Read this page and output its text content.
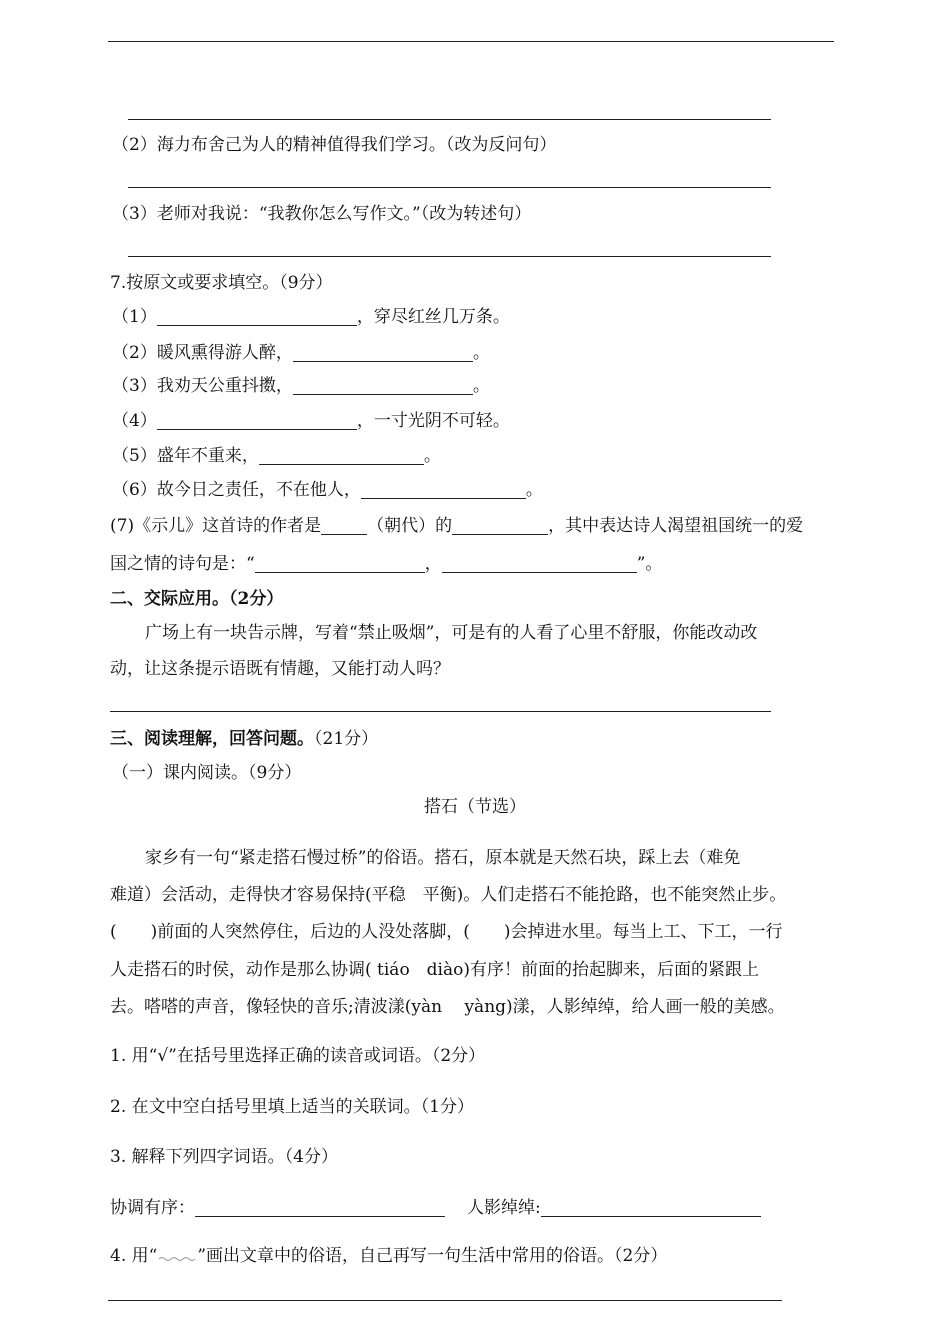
（2）海力布舍己为人的精神值得我们学习。（改为反问句）
（3）老师对我说：“我教你怎么写作文。”（改为转述句）
7.按原文或要求填空。（9分）
（1）	，穿尽红丝几万条。
（2）暖风熏得游人醉，	。
（3）我劝天公重抖擞，	。
（4）	，一寸光阴不可轻。
（5）盛年不重来，	。
（6）故今日之责任，不在他人，	。
(7)《示儿》这首诗的作者是	（朝代）的	，其中表达诗人渴望祖国统一的爱
国之情的诗句是：“	，	”。
二、交际应用。（2分）
广场上有一块告示牌，写着“禁止吸烟”，可是有的人看了心里不舒服，你能改动改
动，让这条提示语既有情趣，又能打动人吗？
三、阅读理解，回答问题。（21分）
（一）课内阅读。（9分）
搭石（节选）
家乡有一句“紧走搭石慢过桥”的俗语。搭石，原本就是天然石块，踩上去（难免
难道）会活动，走得快才容易保持(平稳　平衡)。人们走搭石不能抢路，也不能突然止步。
(　　)前面的人突然停住，后边的人没处落脚，(　　)会掉进水里。每当上工、下工，一行
人走搭石的时侯，动作是那么协调( tiáo　diào)有序！前面的抬起脚来，后面的紧跟上
去。嗒嗒的声音，像轻快的音乐;清波漾(yàn　 yàng)漾，人影绰绰，给人画一般的美感。
1. 用“√”在括号里选择正确的读音或词语。（2分）
2. 在文中空白括号里填上适当的关联词。（1分）
3. 解释下列四字词语。（4分）
协调有序：	人影绰绰:
4. 用“ ”画出文章中的俗语，自己再写一句生活中常用的俗语。（2分）
